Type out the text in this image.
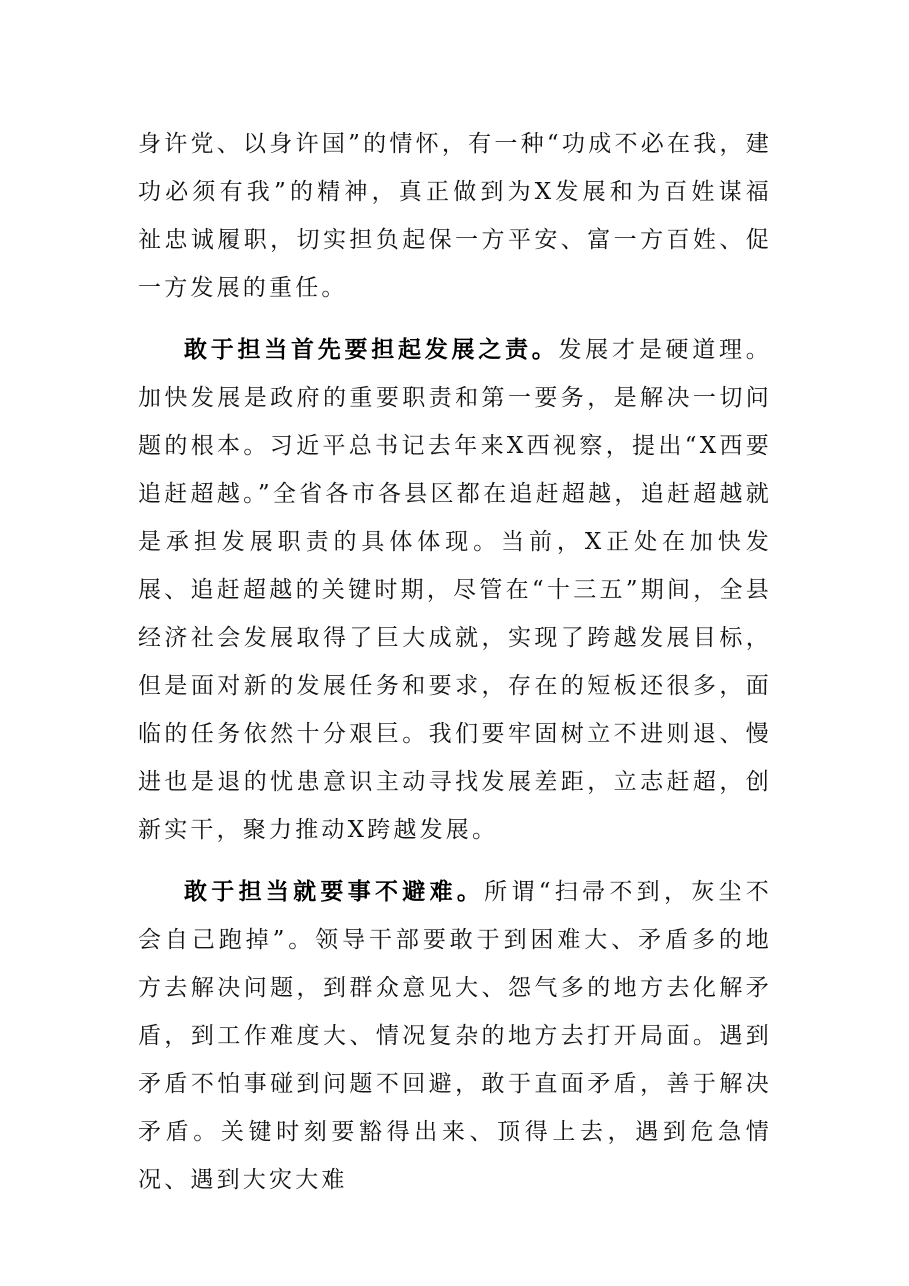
身许党、以身许国”的情怀，有一种“功成不必在我，建功必须有我”的精神，真正做到为X发展和为百姓谋福祉忠诚履职，切实担负起保一方平安、富一方百姓、促一方发展的重任。

敢于担当首先要担起发展之责。发展才是硬道理。加快发展是政府的重要职责和第一要务，是解决一切问题的根本。习近平总书记去年来X西视察，提出“X西要追赶超越。”全省各市各县区都在追赶超越，追赶超越就是承担发展职责的具体体现。当前，X正处在加快发展、追赶超越的关键时期，尽管在“十三五”期间，全县经济社会发展取得了巨大成就，实现了跨越发展目标，但是面对新的发展任务和要求，存在的短板还很多，面临的任务依然十分艰巨。我们要牢固树立不进则退、慢进也是退的忧患意识主动寻找发展差距，立志赶超，创新实干，聚力推动X跨越发展。

敢于担当就要事不避难。所谓“扫帚不到，灰尘不会自己跑掉”。领导干部要敢于到困难大、矛盾多的地方去解决问题，到群众意见大、怨气多的地方去化解矛盾，到工作难度大、情况复杂的地方去打开局面。遇到矛盾不怕事碰到问题不回避，敢于直面矛盾，善于解决矛盾。关键时刻要豁得出来、顶得上去，遇到危急情况、遇到大灾大难
